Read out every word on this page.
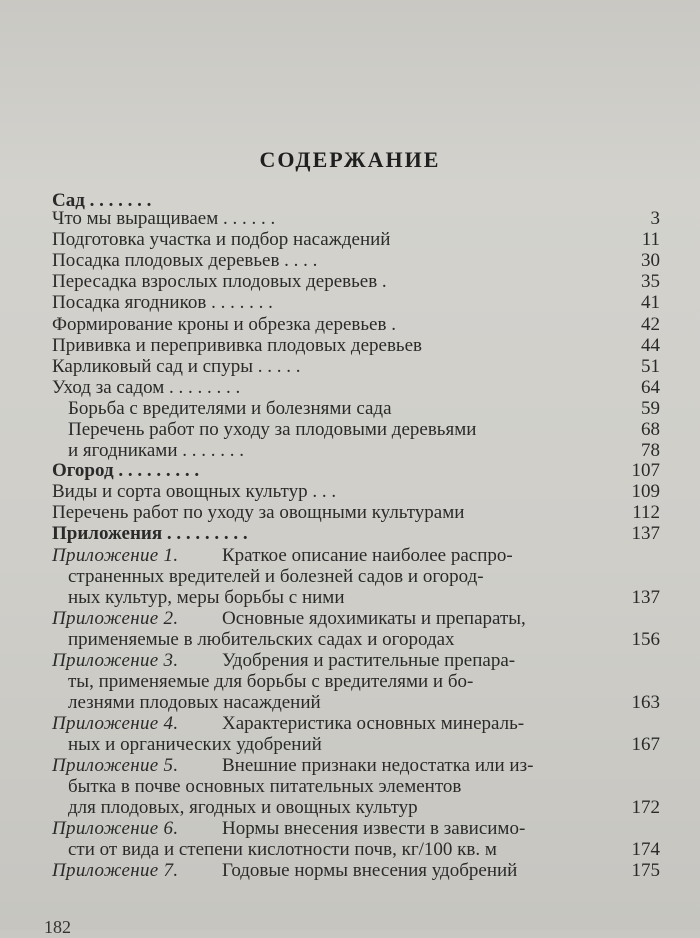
СОДЕРЖАНИЕ
Сад . . . . . . .
Что мы выращиваем . . . . . .	3
Подготовка участка и подбор насаждений	11
Посадка плодовых деревьев . . . .	30
Пересадка взрослых плодовых деревьев .	35
Посадка ягодников . . . . . . .	41
Формирование кроны и обрезка деревьев .	42
Прививка и перепрививка плодовых деревьев	44
Карликовый сад и спуры . . . . .	51
Уход за садом . . . . . . . .	64
Борьба с вредителями и болезнями сада	59
Перечень работ по уходу за плодовыми деревьями	68
и ягодниками . . . . . . .	78
Огород . . . . . . . . .	107
Виды и сорта овощных культур . . .	109
Перечень работ по уходу за овощными культурами	112
Приложения . . . . . . . . .	137
Приложение 1. Краткое описание наиболее распро-
страненных вредителей и болезней садов и огород-
ных культур, меры борьбы с ними	137
Приложение 2. Основные ядохимикаты и препараты,
применяемые в любительских садах и огородах	156
Приложение 3. Удобрения и растительные препара-
ты, применяемые для борьбы с вредителями и бо-
лезнями плодовых насаждений	163
Приложение 4. Характеристика основных минераль-
ных и органических удобрений	167
Приложение 5. Внешние признаки недостатка или из-
бытка в почве основных питательных элементов
для плодовых, ягодных и овощных культур	172
Приложение 6. Нормы внесения извести в зависимо-
сти от вида и степени кислотности почв, кг/100 кв. м	174
Приложение 7. Годовые нормы внесения удобрений	175
182
